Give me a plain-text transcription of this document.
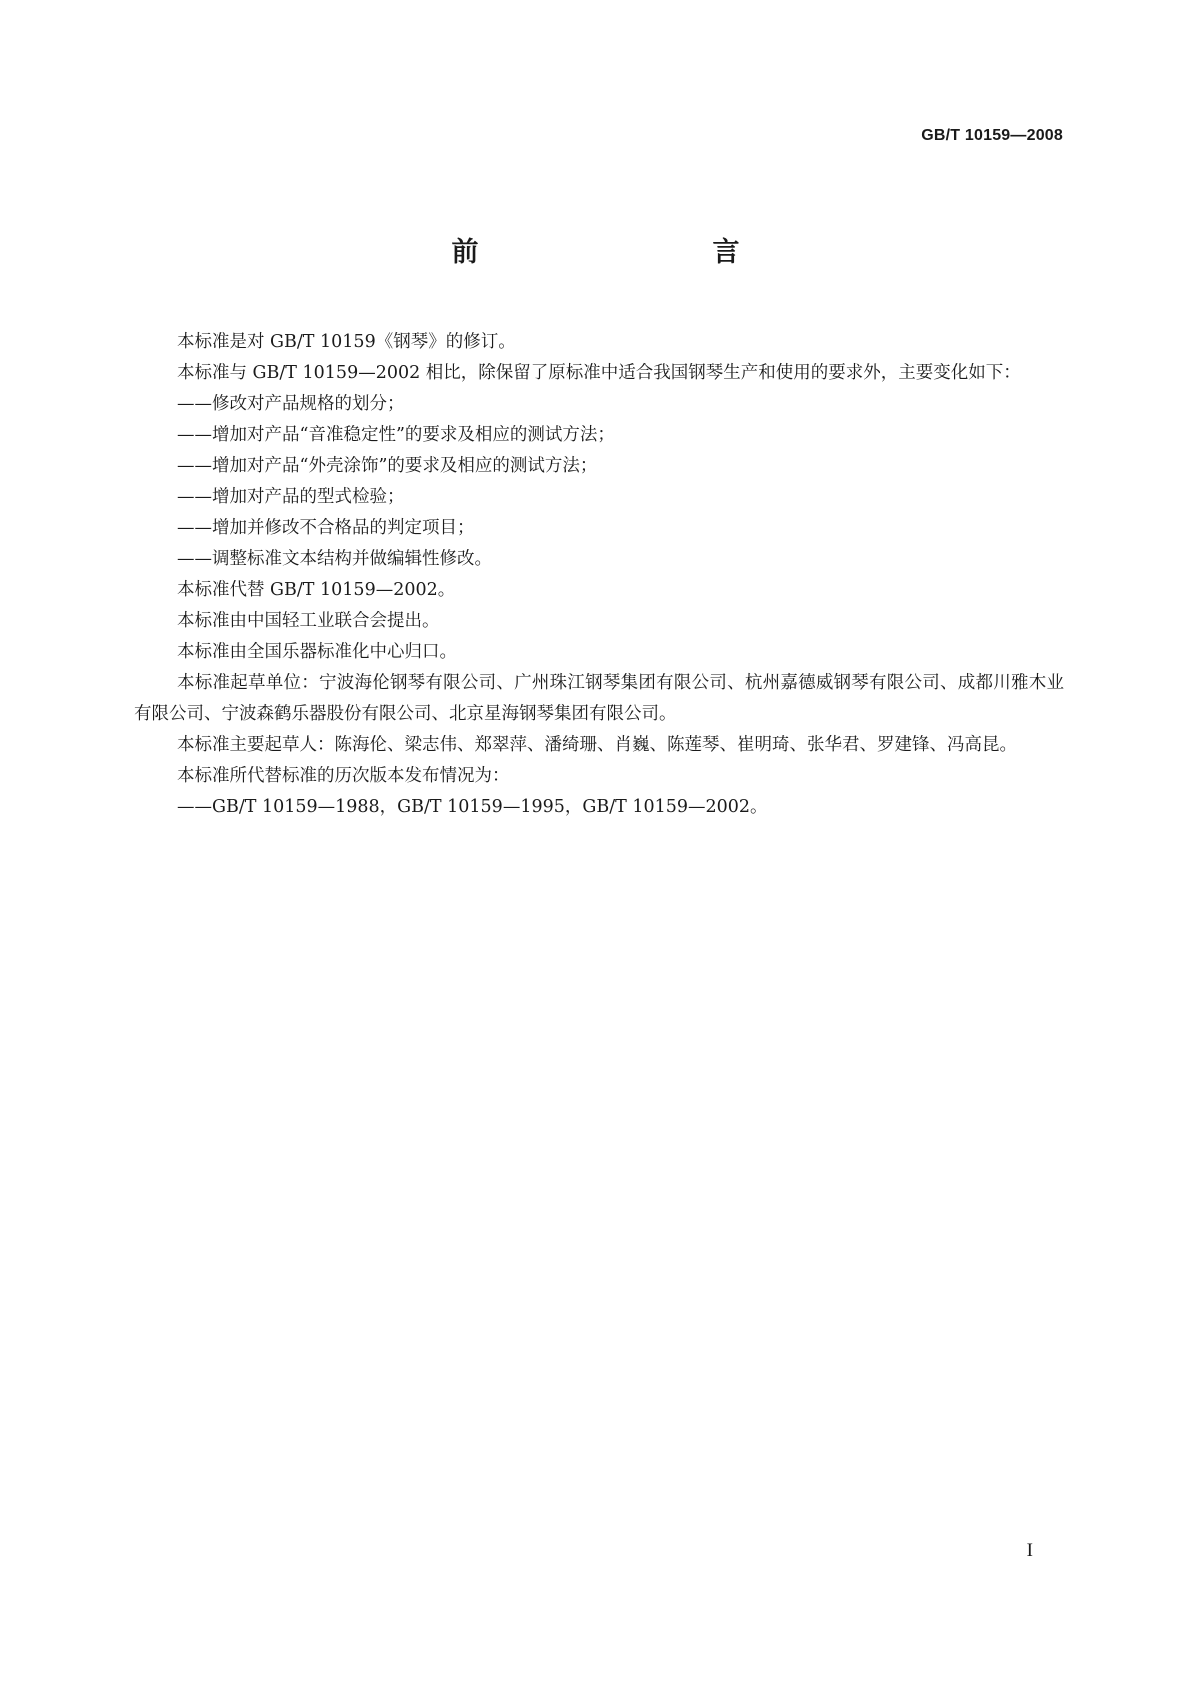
GB/T 10159—2008
前　　言

本标准是对 GB/T 10159《钢琴》的修订。

本标准与 GB/T 10159—2002 相比，除保留了原标准中适合我国钢琴生产和使用的要求外，主要变化如下：

——修改对产品规格的划分；

——增加对产品“音准稳定性”的要求及相应的测试方法；

——增加对产品“外壳涂饰”的要求及相应的测试方法；

——增加对产品的型式检验；

——增加并修改不合格品的判定项目；

——调整标准文本结构并做编辑性修改。

本标准代替 GB/T 10159—2002。

本标准由中国轻工业联合会提出。

本标准由全国乐器标准化中心归口。

本标准起草单位：宁波海伦钢琴有限公司、广州珠江钢琴集团有限公司、杭州嘉德威钢琴有限公司、成都川雅木业有限公司、宁波森鹤乐器股份有限公司、北京星海钢琴集团有限公司。

本标准主要起草人：陈海伦、梁志伟、郑翠萍、潘绮珊、肖巍、陈莲琴、崔明琦、张华君、罗建锋、冯高昆。

本标准所代替标准的历次版本发布情况为：

——GB/T 10159—1988，GB/T 10159—1995，GB/T 10159—2002。

I
